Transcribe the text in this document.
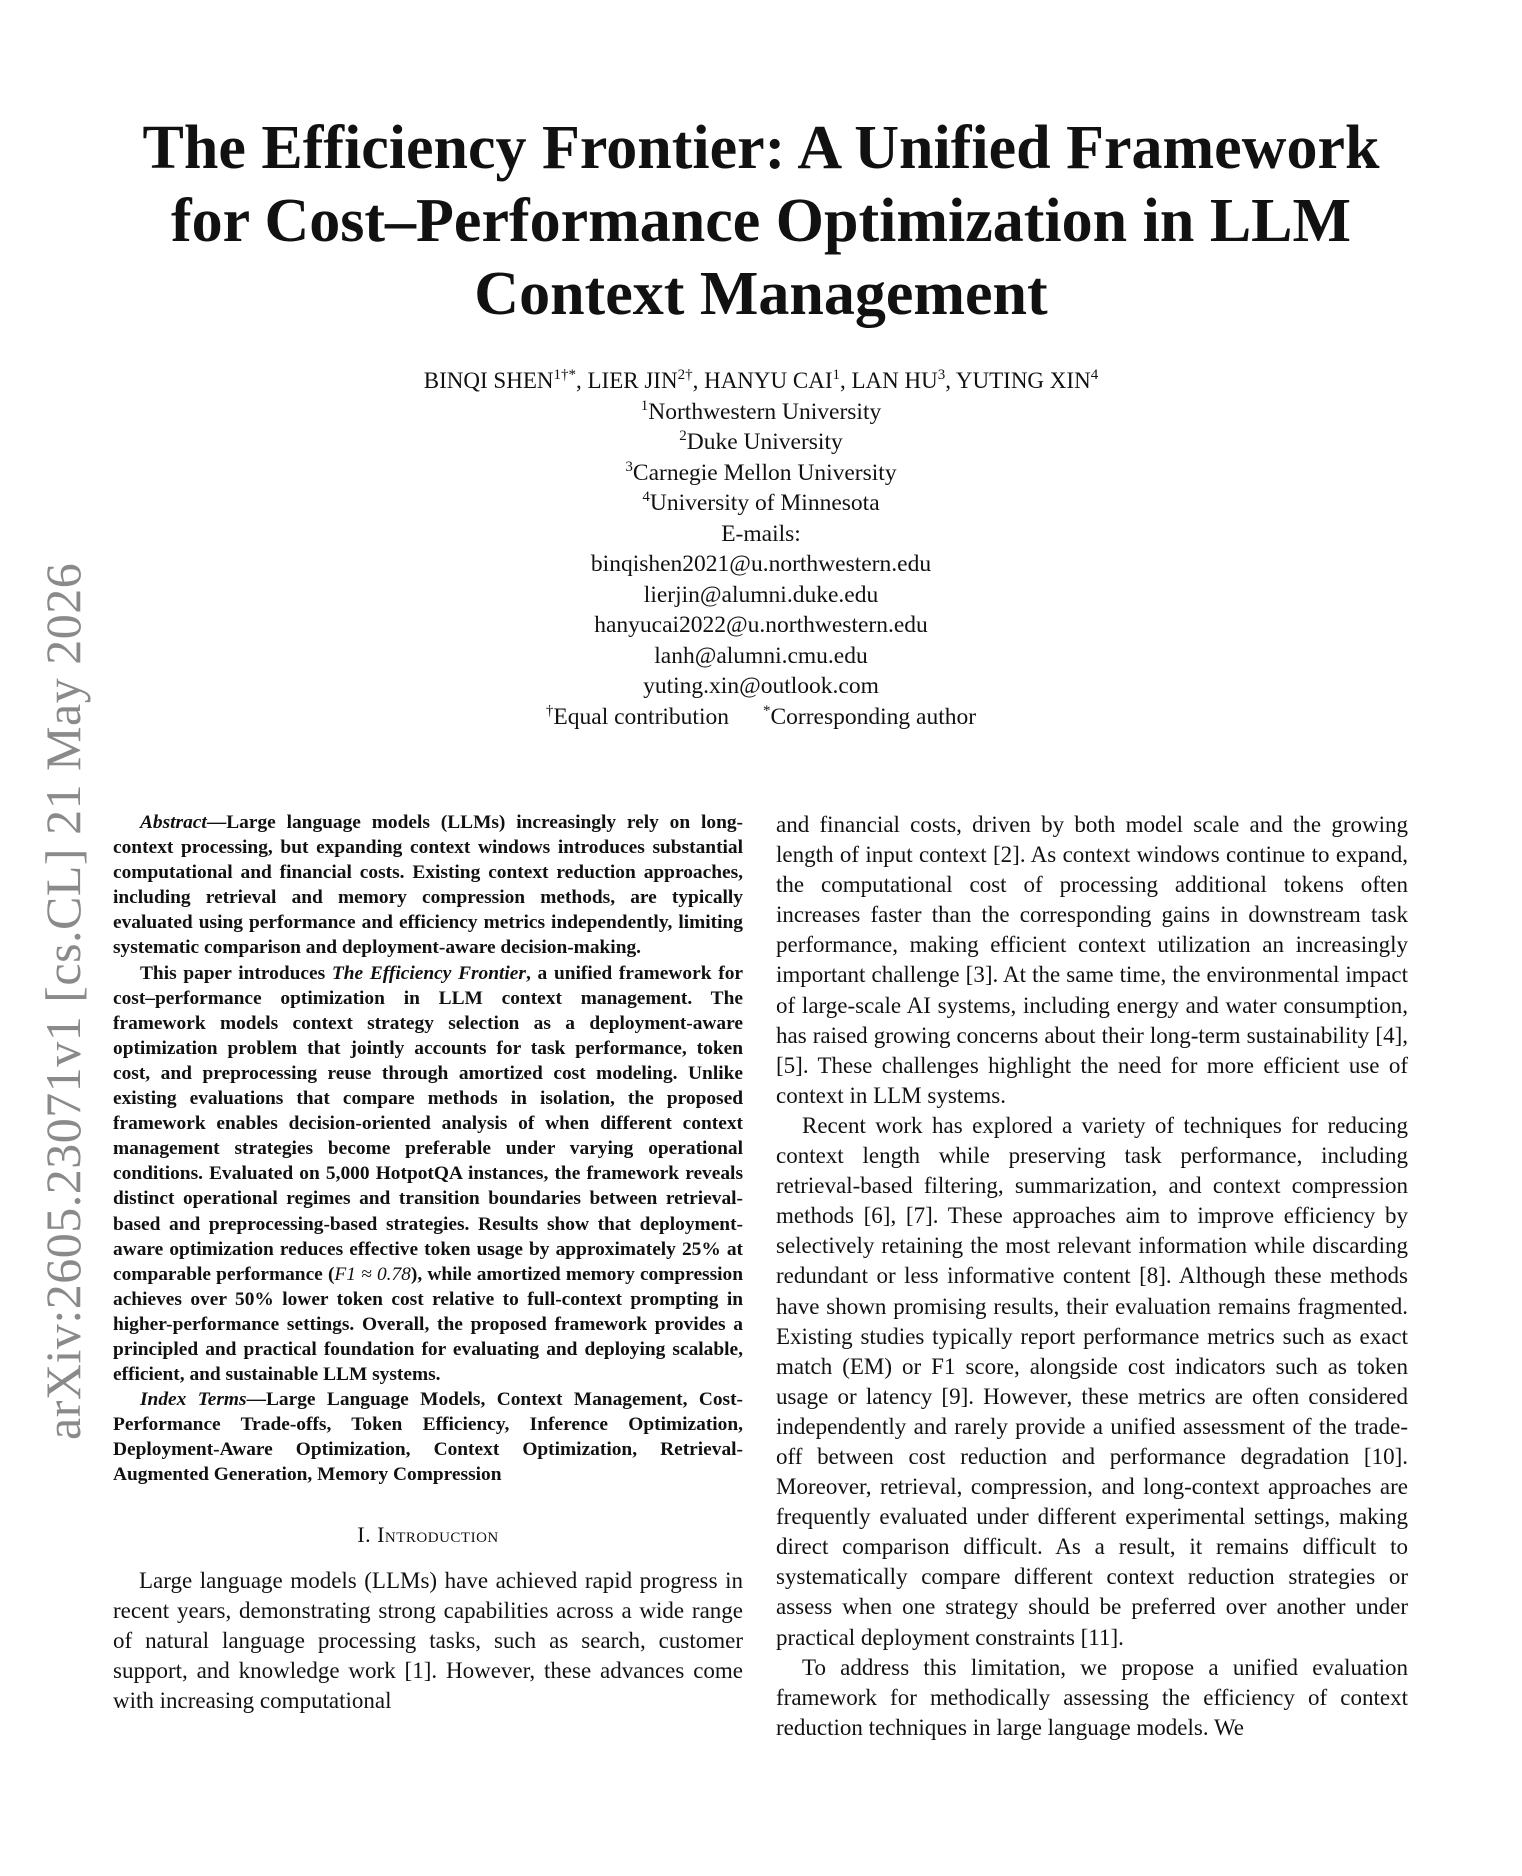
arXiv:2605.23071v1 [cs.CL] 21 May 2026
The Efficiency Frontier: A Unified Framework
for Cost–Performance Optimization in LLM
Context Management
BINQI $SHEN^{1\dagger*}$, LIER $JIN^{2\dagger}$, HANYU CAI$^1$, LAN $HU^3$, YUTING XIN$^4$
$^1$Northwestern University
$^2$Duke University
$^3$Carnegie Mellon University
$^4$University of Minnesota
E-mails:
binqishen2021@u.northwestern.edu
lierjin@alumni.duke.edu
hanyucai2022@u.northwestern.edu
lanh@alumni.cmu.edu
yuting.xin@outlook.com
†Equal contribution *Corresponding author

Abstract—Large language models (LLMs) increasingly rely on long-context processing, but expanding context windows introduces substantial computational and financial costs. Existing context reduction approaches, including retrieval and memory compression methods, are typically evaluated using performance and efficiency metrics independently, limiting systematic comparison and deployment-aware decision-making.

This paper introduces The Efficiency Frontier, a unified framework for cost–performance optimization in LLM context management. The framework models context strategy selection as a deployment-aware optimization problem that jointly accounts for task performance, token cost, and preprocessing reuse through amortized cost modeling. Unlike existing evaluations that compare methods in isolation, the proposed framework enables decision-oriented analysis of when different context management strategies become preferable under varying operational conditions. Evaluated on 5,000 HotpotQA instances, the framework reveals distinct operational regimes and transition boundaries between retrieval-based and preprocessing-based strategies. Results show that deployment-aware optimization reduces effective token usage by approximately 25% at comparable performance (F1 ≈ 0.78), while amortized memory compression achieves over 50% lower token cost relative to full-context prompting in higher-performance settings. Overall, the proposed framework provides a principled and practical foundation for evaluating and deploying scalable, efficient, and sustainable LLM systems.

Index Terms—Large Language Models, Context Management, Cost-Performance Trade-offs, Token Efficiency, Inference Optimization, Deployment-Aware Optimization, Context Optimization, Retrieval-Augmented Generation, Memory Compression

I. Introduction

Large language models (LLMs) have achieved rapid progress in recent years, demonstrating strong capabilities across a wide range of natural language processing tasks, such as search, customer support, and knowledge work [1]. However, these advances come with increasing computational

and financial costs, driven by both model scale and the growing length of input context [2]. As context windows continue to expand, the computational cost of processing additional tokens often increases faster than the corresponding gains in downstream task performance, making efficient context utilization an increasingly important challenge [3]. At the same time, the environmental impact of large-scale AI systems, including energy and water consumption, has raised growing concerns about their long-term sustainability [4], [5]. These challenges highlight the need for more efficient use of context in LLM systems.

Recent work has explored a variety of techniques for reducing context length while preserving task performance, including retrieval-based filtering, summarization, and context compression methods [6], [7]. These approaches aim to improve efficiency by selectively retaining the most relevant information while discarding redundant or less informative content [8]. Although these methods have shown promising results, their evaluation remains fragmented. Existing studies typically report performance metrics such as exact match (EM) or F1 score, alongside cost indicators such as token usage or latency [9]. However, these metrics are often considered independently and rarely provide a unified assessment of the trade-off between cost reduction and performance degradation [10]. Moreover, retrieval, compression, and long-context approaches are frequently evaluated under different experimental settings, making direct comparison difficult. As a result, it remains difficult to systematically compare different context reduction strategies or assess when one strategy should be preferred over another under practical deployment constraints [11].

To address this limitation, we propose a unified evaluation framework for methodically assessing the efficiency of context reduction techniques in large language models. We
